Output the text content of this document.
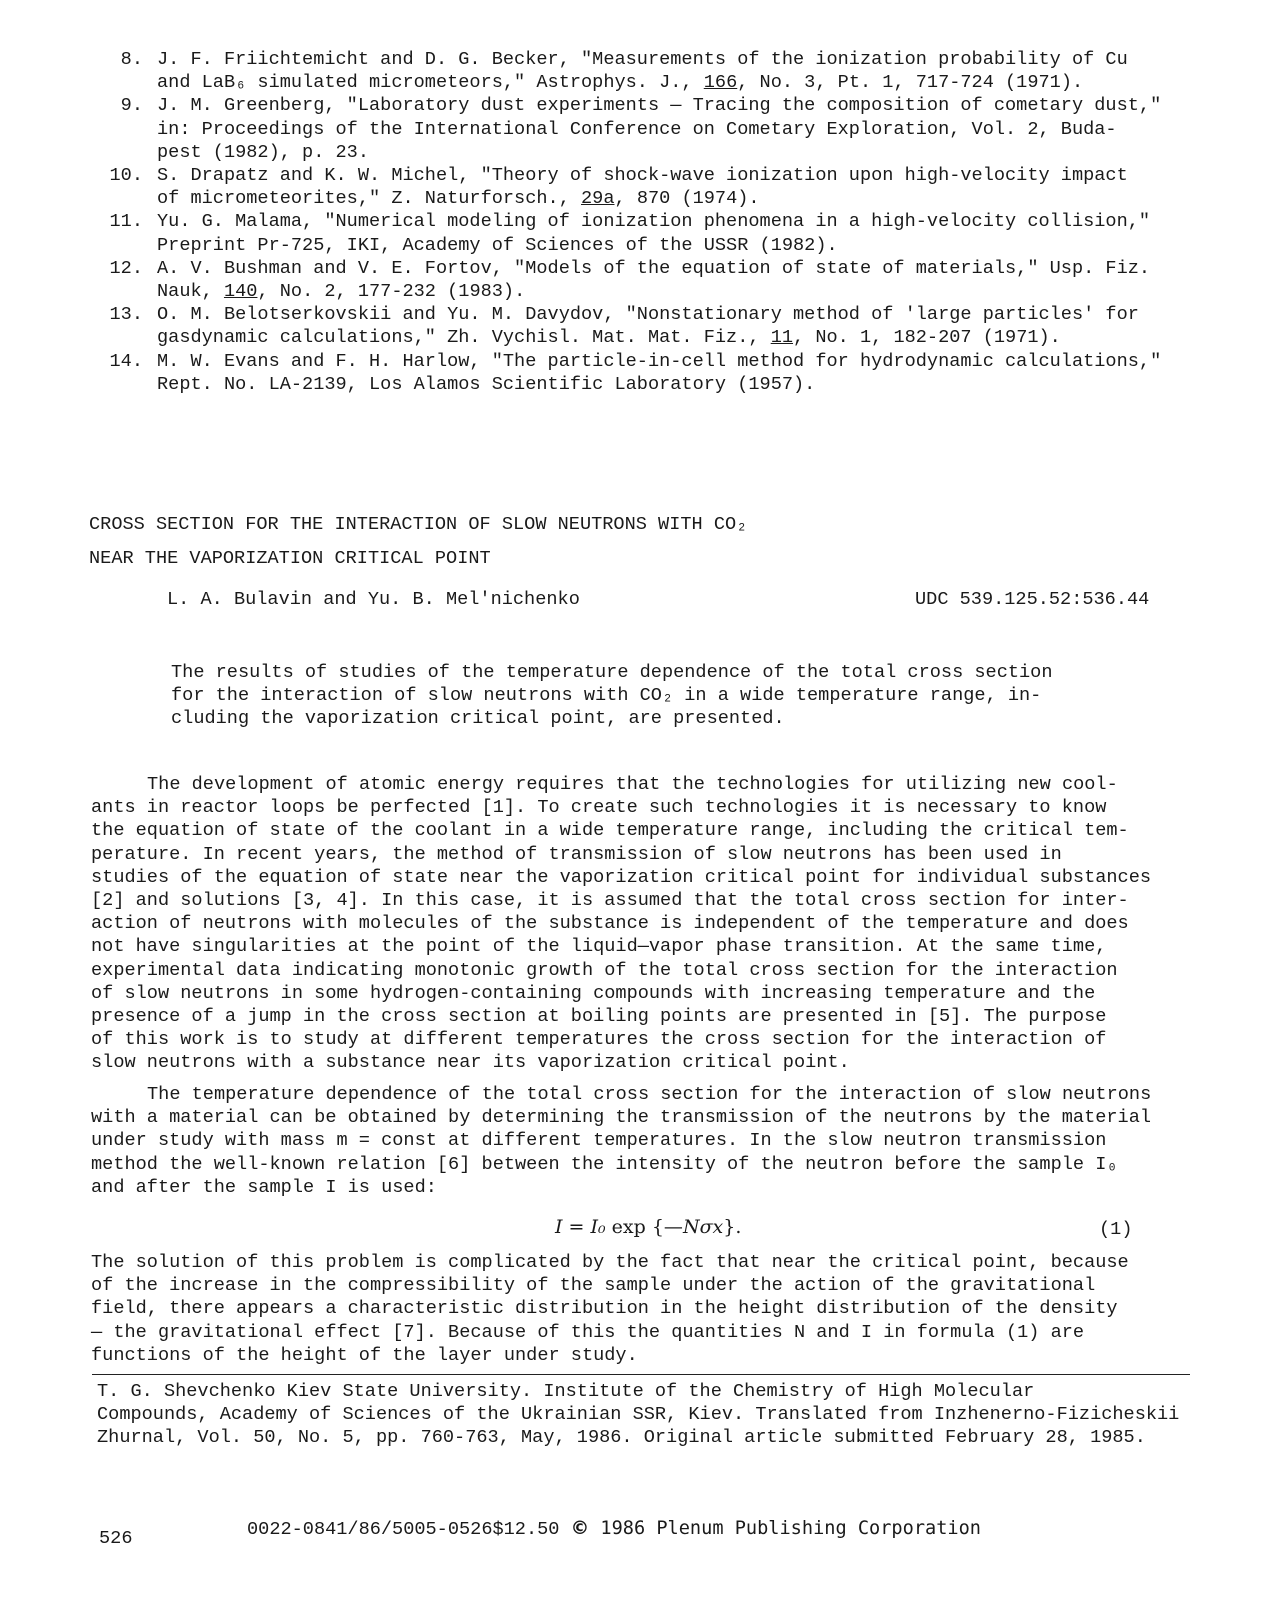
8. J. F. Friichtemicht and D. G. Becker, "Measurements of the ionization probability of Cu
and LaB₆ simulated micrometeors," Astrophys. J., 166, No. 3, Pt. 1, 717-724 (1971).
9. J. M. Greenberg, "Laboratory dust experiments — Tracing the composition of cometary dust,"
in: Proceedings of the International Conference on Cometary Exploration, Vol. 2, Buda-
pest (1982), p. 23.
10. S. Drapatz and K. W. Michel, "Theory of shock-wave ionization upon high-velocity impact
of micrometeorites," Z. Naturforsch., 29a, 870 (1974).
11. Yu. G. Malama, "Numerical modeling of ionization phenomena in a high-velocity collision,"
Preprint Pr-725, IKI, Academy of Sciences of the USSR (1982).
12. A. V. Bushman and V. E. Fortov, "Models of the equation of state of materials," Usp. Fiz.
Nauk, 140, No. 2, 177-232 (1983).
13. O. M. Belotserkovskii and Yu. M. Davydov, "Nonstationary method of 'large particles' for
gasdynamic calculations," Zh. Vychisl. Mat. Mat. Fiz., 11, No. 1, 182-207 (1971).
14. M. W. Evans and F. H. Harlow, "The particle-in-cell method for hydrodynamic calculations,"
Rept. No. LA-2139, Los Alamos Scientific Laboratory (1957).
CROSS SECTION FOR THE INTERACTION OF SLOW NEUTRONS WITH CO₂
NEAR THE VAPORIZATION CRITICAL POINT
L. A. Bulavin and Yu. B. Mel'nichenko	UDC 539.125.52:536.44
The results of studies of the temperature dependence of the total cross section
for the interaction of slow neutrons with CO₂ in a wide temperature range, in-
cluding the vaporization critical point, are presented.
The development of atomic energy requires that the technologies for utilizing new cool-
ants in reactor loops be perfected [1]. To create such technologies it is necessary to know
the equation of state of the coolant in a wide temperature range, including the critical tem-
perature. In recent years, the method of transmission of slow neutrons has been used in
studies of the equation of state near the vaporization critical point for individual substances
[2] and solutions [3, 4]. In this case, it is assumed that the total cross section for inter-
action of neutrons with molecules of the substance is independent of the temperature and does
not have singularities at the point of the liquid—vapor phase transition. At the same time,
experimental data indicating monotonic growth of the total cross section for the interaction
of slow neutrons in some hydrogen-containing compounds with increasing temperature and the
presence of a jump in the cross section at boiling points are presented in [5]. The purpose
of this work is to study at different temperatures the cross section for the interaction of
slow neutrons with a substance near its vaporization critical point.
The temperature dependence of the total cross section for the interaction of slow neutrons
with a material can be obtained by determining the transmission of the neutrons by the material
under study with mass m = const at different temperatures. In the slow neutron transmission
method the well-known relation [6] between the intensity of the neutron before the sample I₀
and after the sample I is used:
I = I₀ exp {—Nσx}.	(1)
The solution of this problem is complicated by the fact that near the critical point, because
of the increase in the compressibility of the sample under the action of the gravitational
field, there appears a characteristic distribution in the height distribution of the density
— the gravitational effect [7]. Because of this the quantities N and I in formula (1) are
functions of the height of the layer under study.
T. G. Shevchenko Kiev State University. Institute of the Chemistry of High Molecular
Compounds, Academy of Sciences of the Ukrainian SSR, Kiev. Translated from Inzhenerno-Fizicheskii
Zhurnal, Vol. 50, No. 5, pp. 760-763, May, 1986. Original article submitted February 28, 1985.
526	0022-0841/86/5005-0526$12.50 © 1986 Plenum Publishing Corporation
